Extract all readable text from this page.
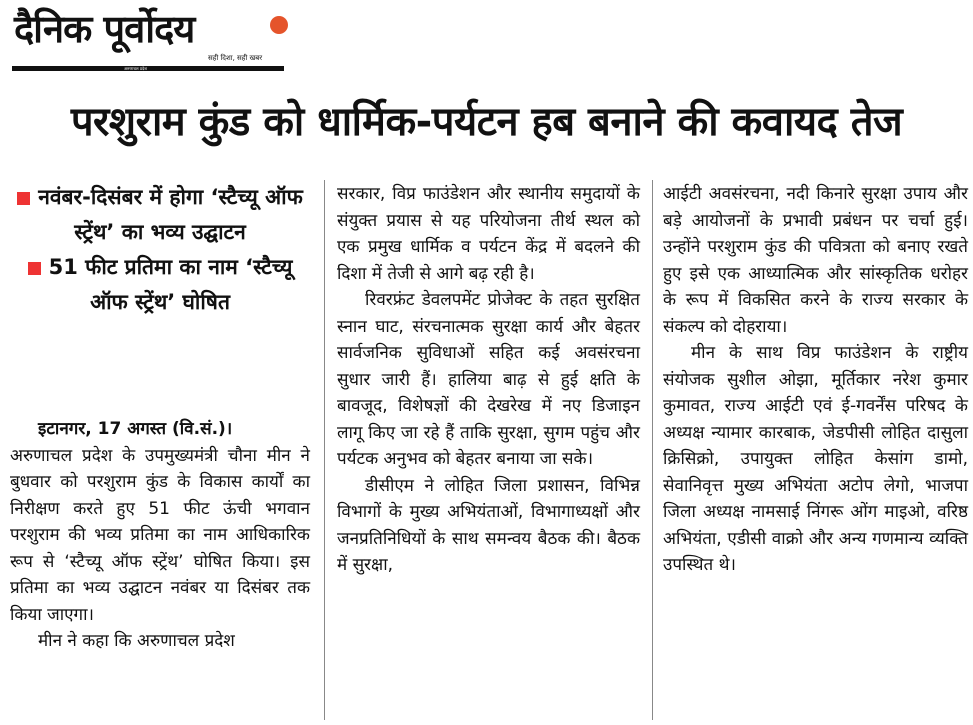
दैनिक पूर्वोदय
सही दिशा, सही खबर
अरुणाचल प्रदेश
परशुराम कुंड को धार्मिक-पर्यटन हब बनाने की कवायद तेज
नवंबर-दिसंबर में होगा ‘स्टैच्यू ऑफ स्ट्रेंथ’ का भव्य उद्घाटन
51 फीट प्रतिमा का नाम ‘स्टैच्यू ऑफ स्ट्रेंथ’ घोषित

इटानगर, 17 अगस्त (वि.सं.)।

अरुणाचल प्रदेश के उपमुख्यमंत्री चौना मीन ने बुधवार को परशुराम कुंड के विकास कार्यों का निरीक्षण करते हुए 51 फीट ऊंची भगवान परशुराम की भव्य प्रतिमा का नाम आधिकारिक रूप से ‘स्टैच्यू ऑफ स्ट्रेंथ’ घोषित किया। इस प्रतिमा का भव्य उद्घाटन नवंबर या दिसंबर तक किया जाएगा।

मीन ने कहा कि अरुणाचल प्रदेश

सरकार, विप्र फाउंडेशन और स्थानीय समुदायों के संयुक्त प्रयास से यह परियोजना तीर्थ स्थल को एक प्रमुख धार्मिक व पर्यटन केंद्र में बदलने की दिशा में तेजी से आगे बढ़ रही है।

रिवरफ्रंट डेवलपमेंट प्रोजेक्ट के तहत सुरक्षित स्नान घाट, संरचनात्मक सुरक्षा कार्य और बेहतर सार्वजनिक सुविधाओं सहित कई अवसंरचना सुधार जारी हैं। हालिया बाढ़ से हुई क्षति के बावजूद, विशेषज्ञों की देखरेख में नए डिजाइन लागू किए जा रहे हैं ताकि सुरक्षा, सुगम पहुंच और पर्यटक अनुभव को बेहतर बनाया जा सके।

डीसीएम ने लोहित जिला प्रशासन, विभिन्न विभागों के मुख्य अभियंताओं, विभागाध्यक्षों और जनप्रतिनिधियों के साथ समन्वय बैठक की। बैठक में सुरक्षा,

आईटी अवसंरचना, नदी किनारे सुरक्षा उपाय और बड़े आयोजनों के प्रभावी प्रबंधन पर चर्चा हुई। उन्होंने परशुराम कुंड की पवित्रता को बनाए रखते हुए इसे एक आध्यात्मिक और सांस्कृतिक धरोहर के रूप में विकसित करने के राज्य सरकार के संकल्प को दोहराया।

मीन के साथ विप्र फाउंडेशन के राष्ट्रीय संयोजक सुशील ओझा, मूर्तिकार नरेश कुमार कुमावत, राज्य आईटी एवं ई-गवर्नेंस परिषद के अध्यक्ष न्यामार कारबाक, जेडपीसी लोहित दासुला क्रिसिक्रो, उपायुक्त लोहित केसांग डामो, सेवानिवृत्त मुख्य अभियंता अटोप लेगो, भाजपा जिला अध्यक्ष नामसाई निंगरू ओंग माइओ, वरिष्ठ अभियंता, एडीसी वाक्रो और अन्य गणमान्य व्यक्ति उपस्थित थे।
